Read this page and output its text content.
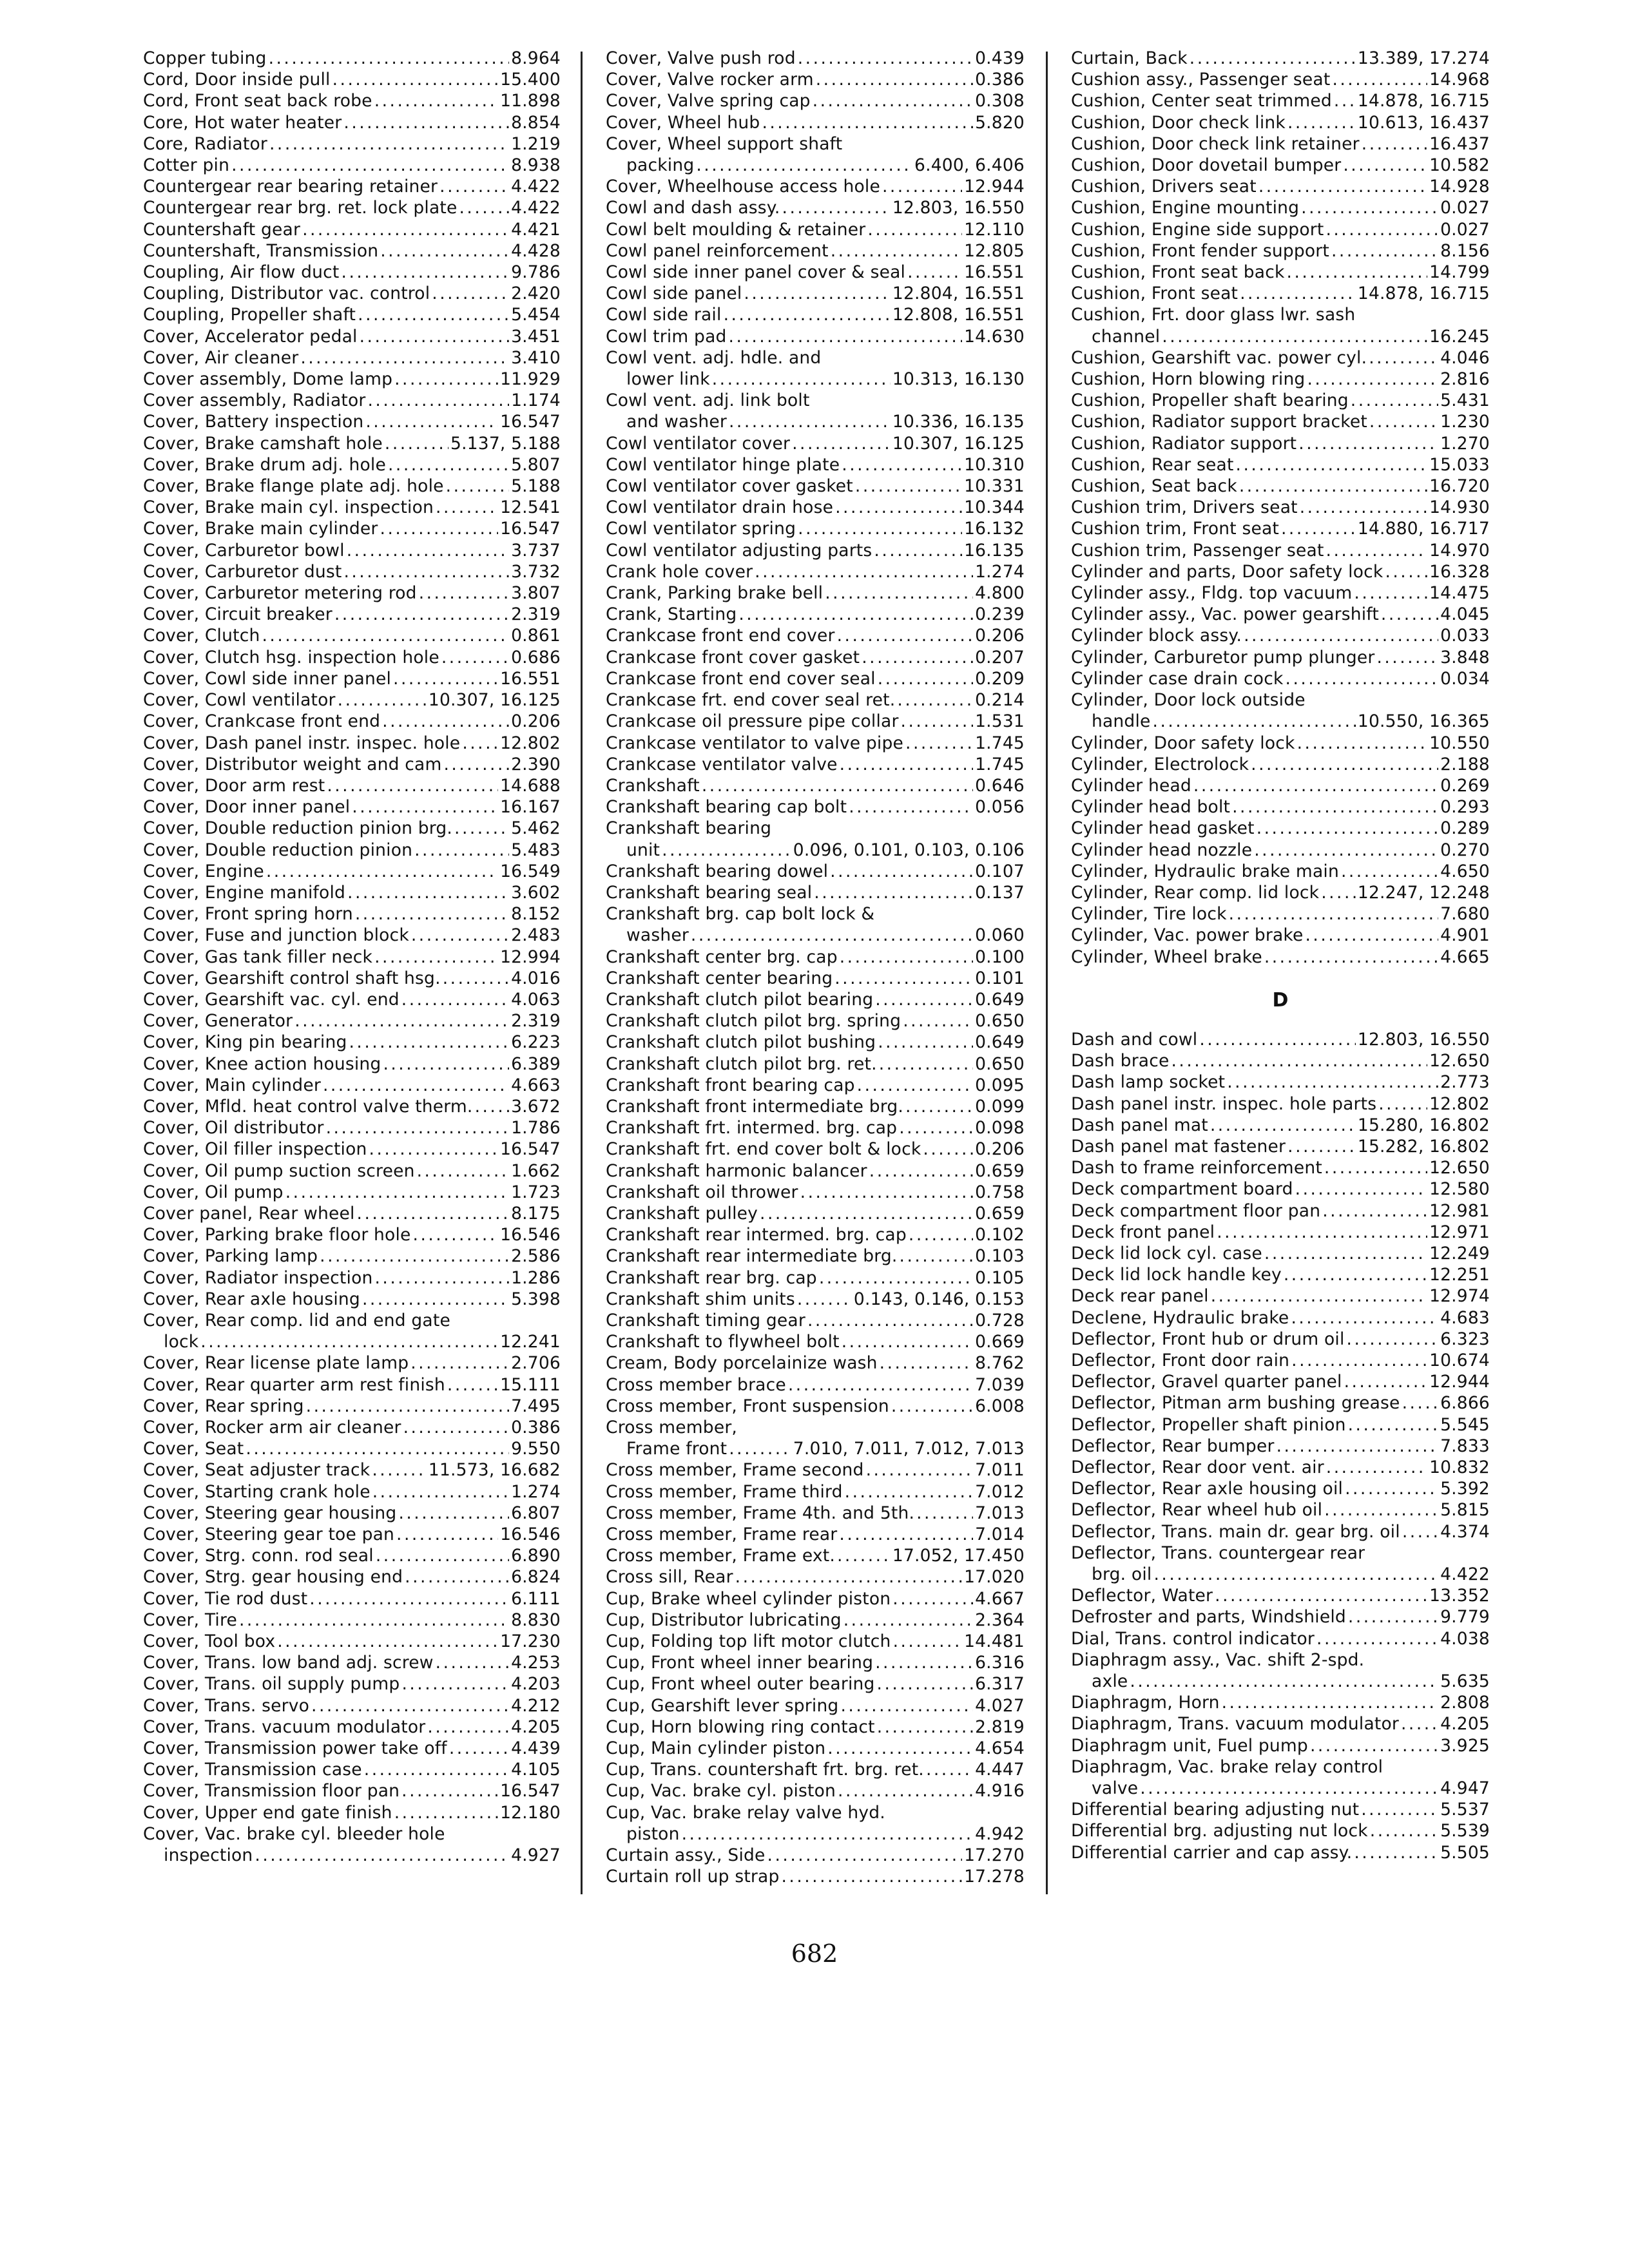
Copper tubing .....	8.964
Cord, Door inside pull .....	15.400
Cord, Front seat back robe .....	11.898
Core, Hot water heater .....	8.854
Core, Radiator .....	1.219
Cotter pin .....	8.938
Countergear rear bearing retainer .....	4.422
Countergear rear brg. ret. lock plate .....	4.422
Countershaft gear .....	4.421
Countershaft, Transmission .....	4.428
Coupling, Air flow duct .....	9.786
Coupling, Distributor vac. control .....	2.420
Coupling, Propeller shaft .....	5.454
Cover, Accelerator pedal .....	3.451
Cover, Air cleaner .....	3.410
Cover assembly, Dome lamp .....	11.929
Cover assembly, Radiator .....	1.174
Cover, Battery inspection .....	16.547
Cover, Brake camshaft hole .....	5.137, 5.188
Cover, Brake drum adj. hole .....	5.807
Cover, Brake flange plate adj. hole .....	5.188
Cover, Brake main cyl. inspection .....	12.541
Cover, Brake main cylinder .....	16.547
Cover, Carburetor bowl .....	3.737
Cover, Carburetor dust .....	3.732
Cover, Carburetor metering rod .....	3.807
Cover, Circuit breaker .....	2.319
Cover, Clutch .....	0.861
Cover, Clutch hsg. inspection hole .....	0.686
Cover, Cowl side inner panel .....	16.551
Cover, Cowl ventilator .....	10.307, 16.125
Cover, Crankcase front end .....	0.206
Cover, Dash panel instr. inspec. hole ..... 12.802
Cover, Distributor weight and cam .....	2.390
Cover, Door arm rest .....	14.688
Cover, Door inner panel .....	16.167
Cover, Double reduction pinion brg. .....	5.462
Cover, Double reduction pinion .....	5.483
Cover, Engine .....	16.549
Cover, Engine manifold .....	3.602
Cover, Front spring horn .....	8.152
Cover, Fuse and junction block .....	2.483
Cover, Gas tank filler neck .....	12.994
Cover, Gearshift control shaft hsg. .....	4.016
Cover, Gearshift vac. cyl. end .....	4.063
Cover, Generator .....	2.319
Cover, King pin bearing .....	6.223
Cover, Knee action housing .....	6.389
Cover, Main cylinder .....	4.663
Cover, Mfld. heat control valve therm. ..... 3.672
Cover, Oil distributor .....	1.786
Cover, Oil filler inspection .....	16.547
Cover, Oil pump suction screen .....	1.662
Cover, Oil pump .....	1.723
Cover panel, Rear wheel .....	8.175
Cover, Parking brake floor hole .....	16.546
Cover, Parking lamp .....	2.586
Cover, Radiator inspection .....	1.286
Cover, Rear axle housing .....	5.398
Cover, Rear comp. lid and end gate
lock .....	12.241
Cover, Rear license plate lamp .....	2.706
Cover, Rear quarter arm rest finish .....	15.111
Cover, Rear spring .....	7.495
Cover, Rocker arm air cleaner .....	0.386
Cover, Seat .....	9.550
Cover, Seat adjuster track .....	11.573, 16.682
Cover, Starting crank hole .....	1.274
Cover, Steering gear housing .....	6.807
Cover, Steering gear toe pan .....	16.546
Cover, Strg. conn. rod seal .....	6.890
Cover, Strg. gear housing end .....	6.824
Cover, Tie rod dust .....	6.111
Cover, Tire .....	8.830
Cover, Tool box .....	17.230
Cover, Trans. low band adj. screw .....	4.253
Cover, Trans. oil supply pump .....	4.203
Cover, Trans. servo .....	4.212
Cover, Trans. vacuum modulator .....	4.205
Cover, Transmission power take off .....	4.439
Cover, Transmission case .....	4.105
Cover, Transmission floor pan .....	16.547
Cover, Upper end gate finish .....	12.180
Cover, Vac. brake cyl. bleeder hole
inspection .....	4.927
Cover, Valve push rod .....	0.439
Cover, Valve rocker arm .....	0.386
Cover, Valve spring cap .....	0.308
Cover, Wheel hub .....	5.820
Cover, Wheel support shaft
packing .....	6.400, 6.406
Cover, Wheelhouse access hole .....	12.944
Cowl and dash assy. .....	12.803, 16.550
Cowl belt moulding & retainer .....	12.110
Cowl panel reinforcement .....	12.805
Cowl side inner panel cover & seal .....	16.551
Cowl side panel .....	12.804, 16.551
Cowl side rail .....	12.808, 16.551
Cowl trim pad .....	14.630
Cowl vent. adj. hdle. and
lower link .....	10.313, 16.130
Cowl vent. adj. link bolt
and washer .....	10.336, 16.135
Cowl ventilator cover .....	10.307, 16.125
Cowl ventilator hinge plate .....	10.310
Cowl ventilator cover gasket .....	10.331
Cowl ventilator drain hose .....	10.344
Cowl ventilator spring .....	16.132
Cowl ventilator adjusting parts .....	16.135
Crank hole cover .....	1.274
Crank, Parking brake bell .....	4.800
Crank, Starting .....	0.239
Crankcase front end cover .....	0.206
Crankcase front cover gasket .....	0.207
Crankcase front end cover seal .....	0.209
Crankcase frt. end cover seal ret. .....	0.214
Crankcase oil pressure pipe collar .....	1.531
Crankcase ventilator to valve pipe .....	1.745
Crankcase ventilator valve .....	1.745
Crankshaft .....	0.646
Crankshaft bearing cap bolt .....	0.056
Crankshaft bearing
unit .....	0.096, 0.101, 0.103, 0.106
Crankshaft bearing dowel .....	0.107
Crankshaft bearing seal .....	0.137
Crankshaft brg. cap bolt lock &
washer .....	0.060
Crankshaft center brg. cap .....	0.100
Crankshaft center bearing .....	0.101
Crankshaft clutch pilot bearing .....	0.649
Crankshaft clutch pilot brg. spring .....	0.650
Crankshaft clutch pilot bushing .....	0.649
Crankshaft clutch pilot brg. ret. .....	0.650
Crankshaft front bearing cap .....	0.095
Crankshaft front intermediate brg. .....	0.099
Crankshaft frt. intermed. brg. cap .....	0.098
Crankshaft frt. end cover bolt & lock .....	0.206
Crankshaft harmonic balancer .....	0.659
Crankshaft oil thrower .....	0.758
Crankshaft pulley .....	0.659
Crankshaft rear intermed. brg. cap .....	0.102
Crankshaft rear intermediate brg. .....	0.103
Crankshaft rear brg. cap .....	0.105
Crankshaft shim units .....	0.143, 0.146, 0.153
Crankshaft timing gear .....	0.728
Crankshaft to flywheel bolt .....	0.669
Cream, Body porcelainize wash .....	8.762
Cross member brace .....	7.039
Cross member, Front suspension .....	6.008
Cross member,
Frame front .....	7.010, 7.011, 7.012, 7.013
Cross member, Frame second .....	7.011
Cross member, Frame third .....	7.012
Cross member, Frame 4th. and 5th. .....	7.013
Cross member, Frame rear .....	7.014
Cross member, Frame ext. .....	17.052, 17.450
Cross sill, Rear .....	17.020
Cup, Brake wheel cylinder piston .....	4.667
Cup, Distributor lubricating .....	2.364
Cup, Folding top lift motor clutch .....	14.481
Cup, Front wheel inner bearing .....	6.316
Cup, Front wheel outer bearing .....	6.317
Cup, Gearshift lever spring .....	4.027
Cup, Horn blowing ring contact .....	2.819
Cup, Main cylinder piston .....	4.654
Cup, Trans. countershaft frt. brg. ret. .....	4.447
Cup, Vac. brake cyl. piston .....	4.916
Cup, Vac. brake relay valve hyd.
piston .....	4.942
Curtain assy., Side .....	17.270
Curtain roll up strap .....	17.278
Curtain, Back .....	13.389, 17.274
Cushion assy., Passenger seat .....	14.968
Cushion, Center seat trimmed ..... 14.878, 16.715
Cushion, Door check link .....	10.613, 16.437
Cushion, Door check link retainer .....	16.437
Cushion, Door dovetail bumper .....	10.582
Cushion, Drivers seat .....	14.928
Cushion, Engine mounting .....	0.027
Cushion, Engine side support .....	0.027
Cushion, Front fender support .....	8.156
Cushion, Front seat back .....	14.799
Cushion, Front seat .....	14.878, 16.715
Cushion, Frt. door glass lwr. sash
channel .....	16.245
Cushion, Gearshift vac. power cyl. .....	4.046
Cushion, Horn blowing ring .....	2.816
Cushion, Propeller shaft bearing .....	5.431
Cushion, Radiator support bracket .....	1.230
Cushion, Radiator support .....	1.270
Cushion, Rear seat .....	15.033
Cushion, Seat back .....	16.720
Cushion trim, Drivers seat .....	14.930
Cushion trim, Front seat .....	14.880, 16.717
Cushion trim, Passenger seat .....	14.970
Cylinder and parts, Door safety lock .....	16.328
Cylinder assy., Fldg. top vacuum .....	14.475
Cylinder assy., Vac. power gearshift .....	4.045
Cylinder block assy. .....	0.033
Cylinder, Carburetor pump plunger .....	3.848
Cylinder case drain cock .....	0.034
Cylinder, Door lock outside
handle .....	10.550, 16.365
Cylinder, Door safety lock .....	10.550
Cylinder, Electrolock .....	2.188
Cylinder head .....	0.269
Cylinder head bolt .....	0.293
Cylinder head gasket .....	0.289
Cylinder head nozzle .....	0.270
Cylinder, Hydraulic brake main .....	4.650
Cylinder, Rear comp. lid lock ..... 12.247, 12.248
Cylinder, Tire lock .....	7.680
Cylinder, Vac. power brake .....	4.901
Cylinder, Wheel brake .....	4.665
D
Dash and cowl .....	12.803, 16.550
Dash brace .....	12.650
Dash lamp socket .....	2.773
Dash panel instr. inspec. hole parts .....	12.802
Dash panel mat .....	15.280, 16.802
Dash panel mat fastener .....	15.282, 16.802
Dash to frame reinforcement .....	12.650
Deck compartment board .....	12.580
Deck compartment floor pan .....	12.981
Deck front panel .....	12.971
Deck lid lock cyl. case .....	12.249
Deck lid lock handle key .....	12.251
Deck rear panel .....	12.974
Declene, Hydraulic brake .....	4.683
Deflector, Front hub or drum oil .....	6.323
Deflector, Front door rain .....	10.674
Deflector, Gravel quarter panel .....	12.944
Deflector, Pitman arm bushing grease ..... 6.866
Deflector, Propeller shaft pinion .....	5.545
Deflector, Rear bumper .....	7.833
Deflector, Rear door vent. air .....	10.832
Deflector, Rear axle housing oil .....	5.392
Deflector, Rear wheel hub oil .....	5.815
Deflector, Trans. main dr. gear brg. oil ..... 4.374
Deflector, Trans. countergear rear
brg. oil .....	4.422
Deflector, Water .....	13.352
Defroster and parts, Windshield .....	9.779
Dial, Trans. control indicator .....	4.038
Diaphragm assy., Vac. shift 2-spd.
axle .....	5.635
Diaphragm, Horn .....	2.808
Diaphragm, Trans. vacuum modulator ..... 4.205
Diaphragm unit, Fuel pump .....	3.925
Diaphragm, Vac. brake relay control
valve .....	4.947
Differential bearing adjusting nut .....	5.537
Differential brg. adjusting nut lock .....	5.539
Differential carrier and cap assy. .....	5.505
682
